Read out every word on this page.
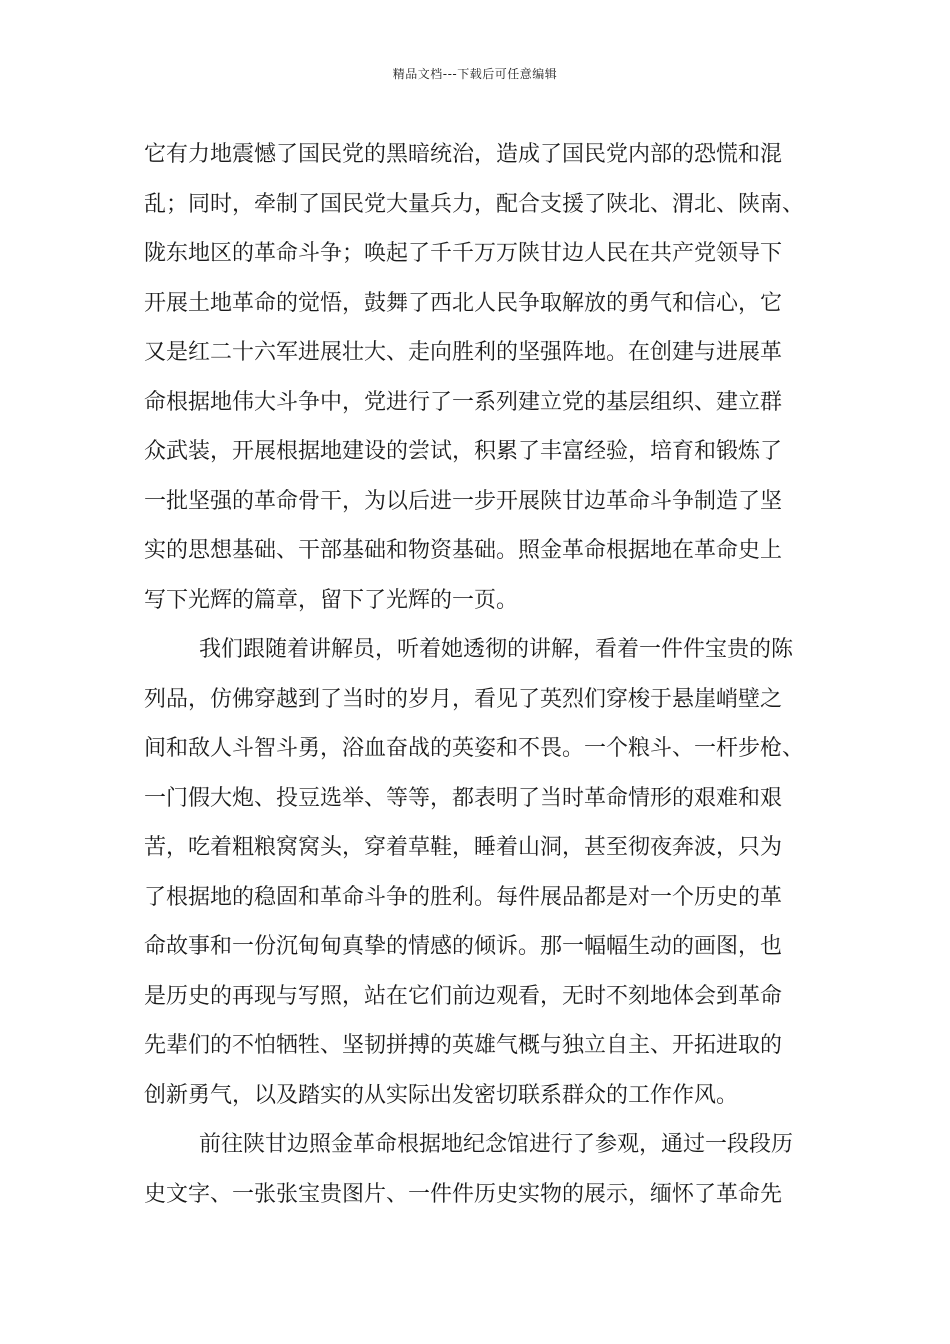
精品文档---下载后可任意编辑
它有力地震憾了国民党的黑暗统治，造成了国民党内部的恐慌和混
乱；同时，牵制了国民党大量兵力，配合支援了陕北、渭北、陕南、
陇东地区的革命斗争；唤起了千千万万陕甘边人民在共产党领导下
开展土地革命的觉悟，鼓舞了西北人民争取解放的勇气和信心，它
又是红二十六军进展壮大、走向胜利的坚强阵地。在创建与进展革
命根据地伟大斗争中，党进行了一系列建立党的基层组织、建立群
众武装，开展根据地建设的尝试，积累了丰富经验，培育和锻炼了
一批坚强的革命骨干，为以后进一步开展陕甘边革命斗争制造了坚
实的思想基础、干部基础和物资基础。照金革命根据地在革命史上
写下光辉的篇章，留下了光辉的一页。
我们跟随着讲解员，听着她透彻的讲解，看着一件件宝贵的陈
列品，仿佛穿越到了当时的岁月，看见了英烈们穿梭于悬崖峭壁之
间和敌人斗智斗勇，浴血奋战的英姿和不畏。一个粮斗、一杆步枪、
一门假大炮、投豆选举、等等，都表明了当时革命情形的艰难和艰
苦，吃着粗粮窝窝头，穿着草鞋，睡着山洞，甚至彻夜奔波，只为
了根据地的稳固和革命斗争的胜利。每件展品都是对一个历史的革
命故事和一份沉甸甸真挚的情感的倾诉。那一幅幅生动的画图，也
是历史的再现与写照，站在它们前边观看，无时不刻地体会到革命
先辈们的不怕牺牲、坚韧拼搏的英雄气概与独立自主、开拓进取的
创新勇气，以及踏实的从实际出发密切联系群众的工作作风。
前往陕甘边照金革命根据地纪念馆进行了参观，通过一段段历
史文字、一张张宝贵图片、一件件历史实物的展示，缅怀了革命先
